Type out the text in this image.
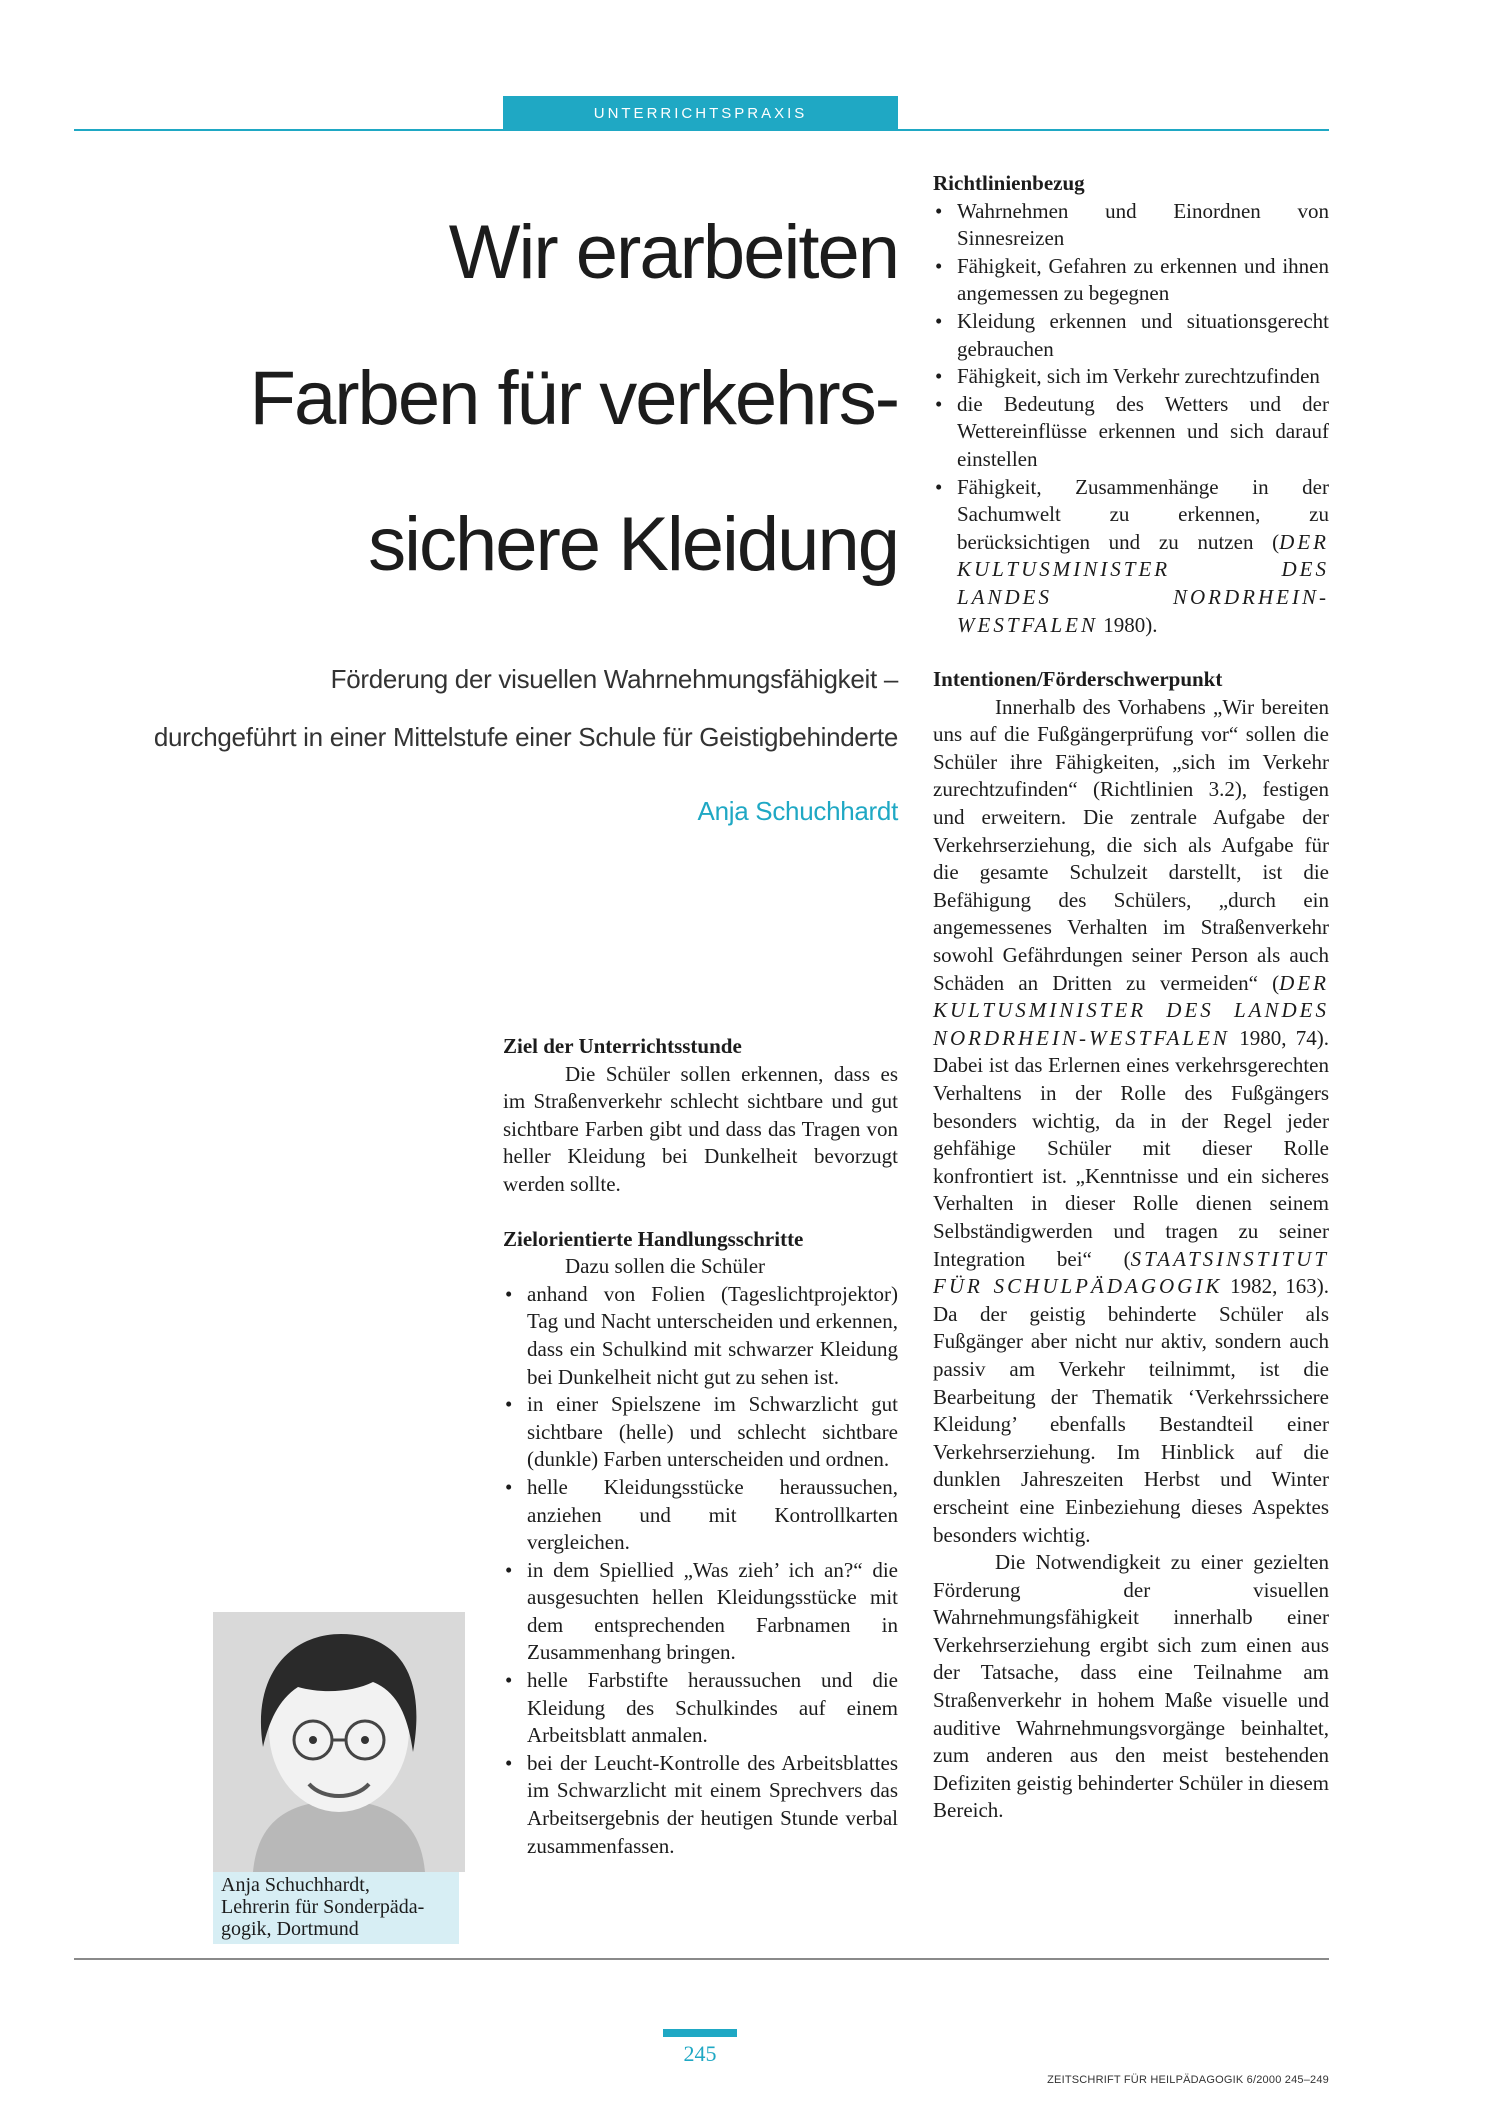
UNTERRICHTSPRAXIS
Wir erarbeiten
Farben für verkehrs-
sichere Kleidung

Förderung der visuellen Wahrnehmungsfähigkeit –
durchgeführt in einer Mittelstufe einer Schule für Geistigbehinderte

Anja Schuchhardt
Ziel der Unterrichtsstunde

Die Schüler sollen erkennen, dass es im Straßenverkehr schlecht sichtbare und gut sichtbare Farben gibt und dass das Tragen von heller Kleidung bei Dunkelheit bevorzugt werden sollte.

Zielorientierte Handlungsschritte

Dazu sollen die Schüler

• anhand von Folien (Tageslichtprojektor) Tag und Nacht unterscheiden und erkennen, dass ein Schulkind mit schwarzer Kleidung bei Dunkelheit nicht gut zu sehen ist.
• in einer Spielszene im Schwarzlicht gut sichtbare (helle) und schlecht sichtbare (dunkle) Farben unterscheiden und ordnen.
• helle Kleidungsstücke heraussuchen, anziehen und mit Kontrollkarten vergleichen.
• in dem Spiellied „Was zieh’ ich an?“ die ausgesuchten hellen Kleidungsstücke mit dem entsprechenden Farbnamen in Zusammenhang bringen.
• helle Farbstifte heraussuchen und die Kleidung des Schulkindes auf einem Arbeitsblatt anmalen.
• bei der Leucht-Kontrolle des Arbeitsblattes im Schwarzlicht mit einem Sprechvers das Arbeitsergebnis der heutigen Stunde verbal zusammenfassen.
Richtlinienbezug
• Wahrnehmen und Einordnen von Sinnesreizen
• Fähigkeit, Gefahren zu erkennen und ihnen angemessen zu begegnen
• Kleidung erkennen und situationsgerecht gebrauchen
• Fähigkeit, sich im Verkehr zurechtzufinden
• die Bedeutung des Wetters und der Wettereinflüsse erkennen und sich darauf einstellen
• Fähigkeit, Zusammenhänge in der Sachumwelt zu erkennen, zu berücksichtigen und zu nutzen (DER KULTUSMINISTER DES LANDES NORDRHEIN-WESTFALEN 1980).
Intentionen/Förderschwerpunkt

Innerhalb des Vorhabens „Wir bereiten uns auf die Fußgängerprüfung vor“ sollen die Schüler ihre Fähigkeiten, „sich im Verkehr zurechtzufinden“ (Richtlinien 3.2), festigen und erweitern. Die zentrale Aufgabe der Verkehrserziehung, die sich als Aufgabe für die gesamte Schulzeit darstellt, ist die Befähigung des Schülers, „durch ein angemessenes Verhalten im Straßenverkehr sowohl Gefährdungen seiner Person als auch Schäden an Dritten zu vermeiden“ (DER KULTUSMINISTER DES LANDES NORDRHEIN-WESTFALEN 1980, 74). Dabei ist das Erlernen eines verkehrsgerechten Verhaltens in der Rolle des Fußgängers besonders wichtig, da in der Regel jeder gehfähige Schüler mit dieser Rolle konfrontiert ist. „Kenntnisse und ein sicheres Verhalten in dieser Rolle dienen seinem Selbständigwerden und tragen zu seiner Integration bei“ (STAATSINSTITUT FÜR SCHULPÄDAGOGIK 1982, 163). Da der geistig behinderte Schüler als Fußgänger aber nicht nur aktiv, sondern auch passiv am Verkehr teilnimmt, ist die Bearbeitung der Thematik ‘Verkehrssichere Kleidung’ ebenfalls Bestandteil einer Verkehrserziehung. Im Hinblick auf die dunklen Jahreszeiten Herbst und Winter erscheint eine Einbeziehung dieses Aspektes besonders wichtig.

Die Notwendigkeit zu einer gezielten Förderung der visuellen Wahrnehmungsfähigkeit innerhalb einer Verkehrserziehung ergibt sich zum einen aus der Tatsache, dass eine Teilnahme am Straßenverkehr in hohem Maße visuelle und auditive Wahrnehmungsvorgänge beinhaltet, zum anderen aus den meist bestehenden Defiziten geistig behinderter Schüler in diesem Bereich.

Anja Schuchhardt,
Lehrerin für Sonderpäda-
gogik, Dortmund
245
ZEITSCHRIFT FÜR HEILPÄDAGOGIK 6/2000 245–249
